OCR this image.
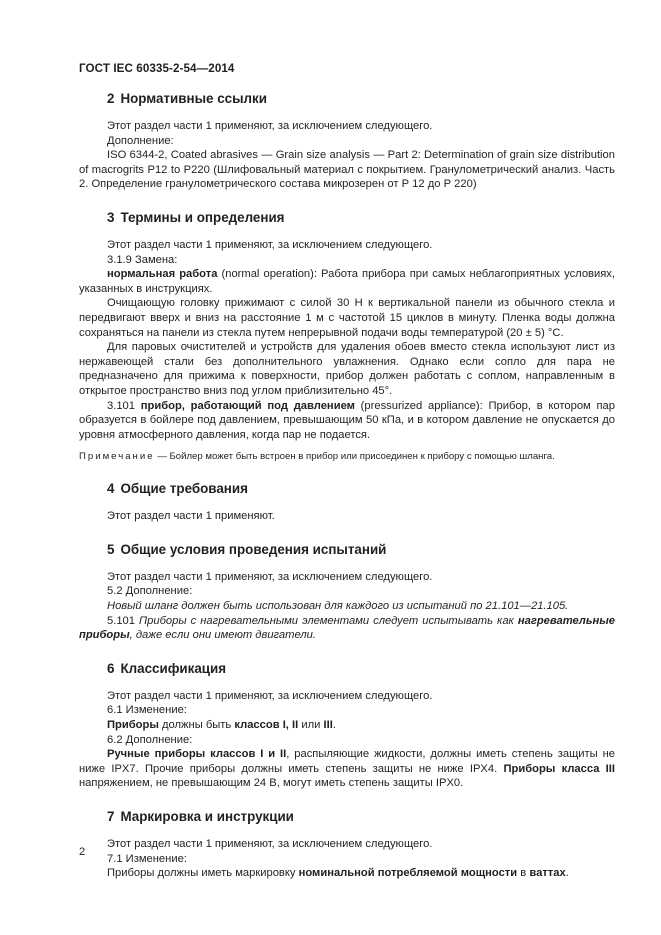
ГОСТ IEC 60335-2-54—2014
2 Нормативные ссылки

Этот раздел части 1 применяют, за исключением следующего.

Дополнение:

ISO 6344-2, Coated abrasives — Grain size analysis — Part 2: Determination of grain size distribution of macrogrits P12 to P220 (Шлифовальный материал с покрытием. Гранулометрический анализ. Часть 2. Определение гранулометрического состава микрозерен от Р 12 до Р 220)

3 Термины и определения

Этот раздел части 1 применяют, за исключением следующего.

3.1.9 Замена:

нормальная работа (normal operation): Работа прибора при самых неблагоприятных условиях, указанных в инструкциях.

Очищающую головку прижимают с силой 30 Н к вертикальной панели из обычного стекла и передвигают вверх и вниз на расстояние 1 м с частотой 15 циклов в минуту. Пленка воды должна сохраняться на панели из стекла путем непрерывной подачи воды температурой (20 ± 5) °С.

Для паровых очистителей и устройств для удаления обоев вместо стекла используют лист из нержавеющей стали без дополнительного увлажнения. Однако если сопло для пара не предназначено для прижима к поверхности, прибор должен работать с соплом, направленным в открытое пространство вниз под углом приблизительно 45°.

3.101 прибор, работающий под давлением (pressurized appliance): Прибор, в котором пар образуется в бойлере под давлением, превышающим 50 кПа, и в котором давление не опускается до уровня атмосферного давления, когда пар не подается.

Примечание — Бойлер может быть встроен в прибор или присоединен к прибору с помощью шланга.

4 Общие требования

Этот раздел части 1 применяют.

5 Общие условия проведения испытаний

Этот раздел части 1 применяют, за исключением следующего.

5.2 Дополнение:

Новый шланг должен быть использован для каждого из испытаний по 21.101—21.105.

5.101 Приборы с нагревательными элементами следует испытывать как нагревательные приборы, даже если они имеют двигатели.

6 Классификация

Этот раздел части 1 применяют, за исключением следующего.

6.1 Изменение:

Приборы должны быть классов I, II или III.

6.2 Дополнение:

Ручные приборы классов I и II, распыляющие жидкости, должны иметь степень защиты не ниже IPX7. Прочие приборы должны иметь степень защиты не ниже IPX4. Приборы класса III напряжением, не превышающим 24 В, могут иметь степень защиты IPX0.

7 Маркировка и инструкции

Этот раздел части 1 применяют, за исключением следующего.

7.1 Изменение:

Приборы должны иметь маркировку номинальной потребляемой мощности в ваттах.

2
